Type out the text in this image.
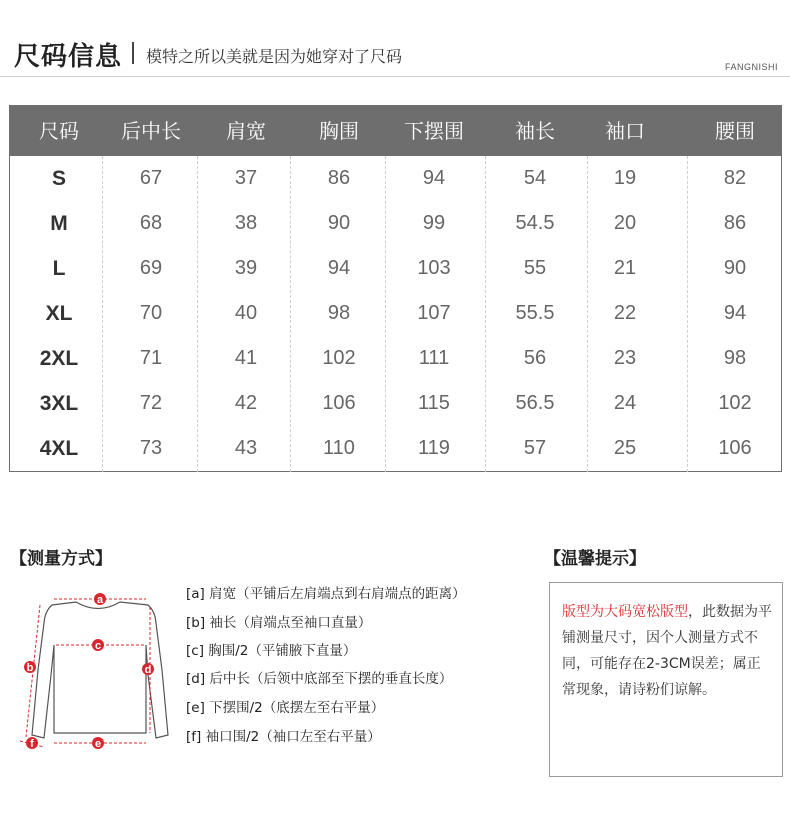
尺码信息 模特之所以美就是因为她穿对了尺码
FANGNISHI
尺码	后中长	肩宽	胸围	下摆围	袖长	袖口	腰围
S	67	37	86	94	54	19	82
M	68	38	90	99	54.5	20	86
L	69	39	94	103	55	21	90
XL	70	40	98	107	55.5	22	94
2XL	71	41	102	111	56	23	98
3XL	72	42	106	115	56.5	24	102
4XL	73	43	110	119	57	25	106
【测量方式】
a
b
c
d
e
f
[a] 肩宽（平铺后左肩端点到右肩端点的距离）
[b] 袖长（肩端点至袖口直量）
[c] 胸围/2（平铺腋下直量）
[d] 后中长（后领中底部至下摆的垂直长度）
[e] 下摆围/2（底摆左至右平量）
[f] 袖口围/2（袖口左至右平量）
【温馨提示】
版型为大码宽松版型，此数据为平铺测量尺寸，因个人测量方式不同，可能存在2-3CM误差；属正常现象，请诗粉们谅解。
